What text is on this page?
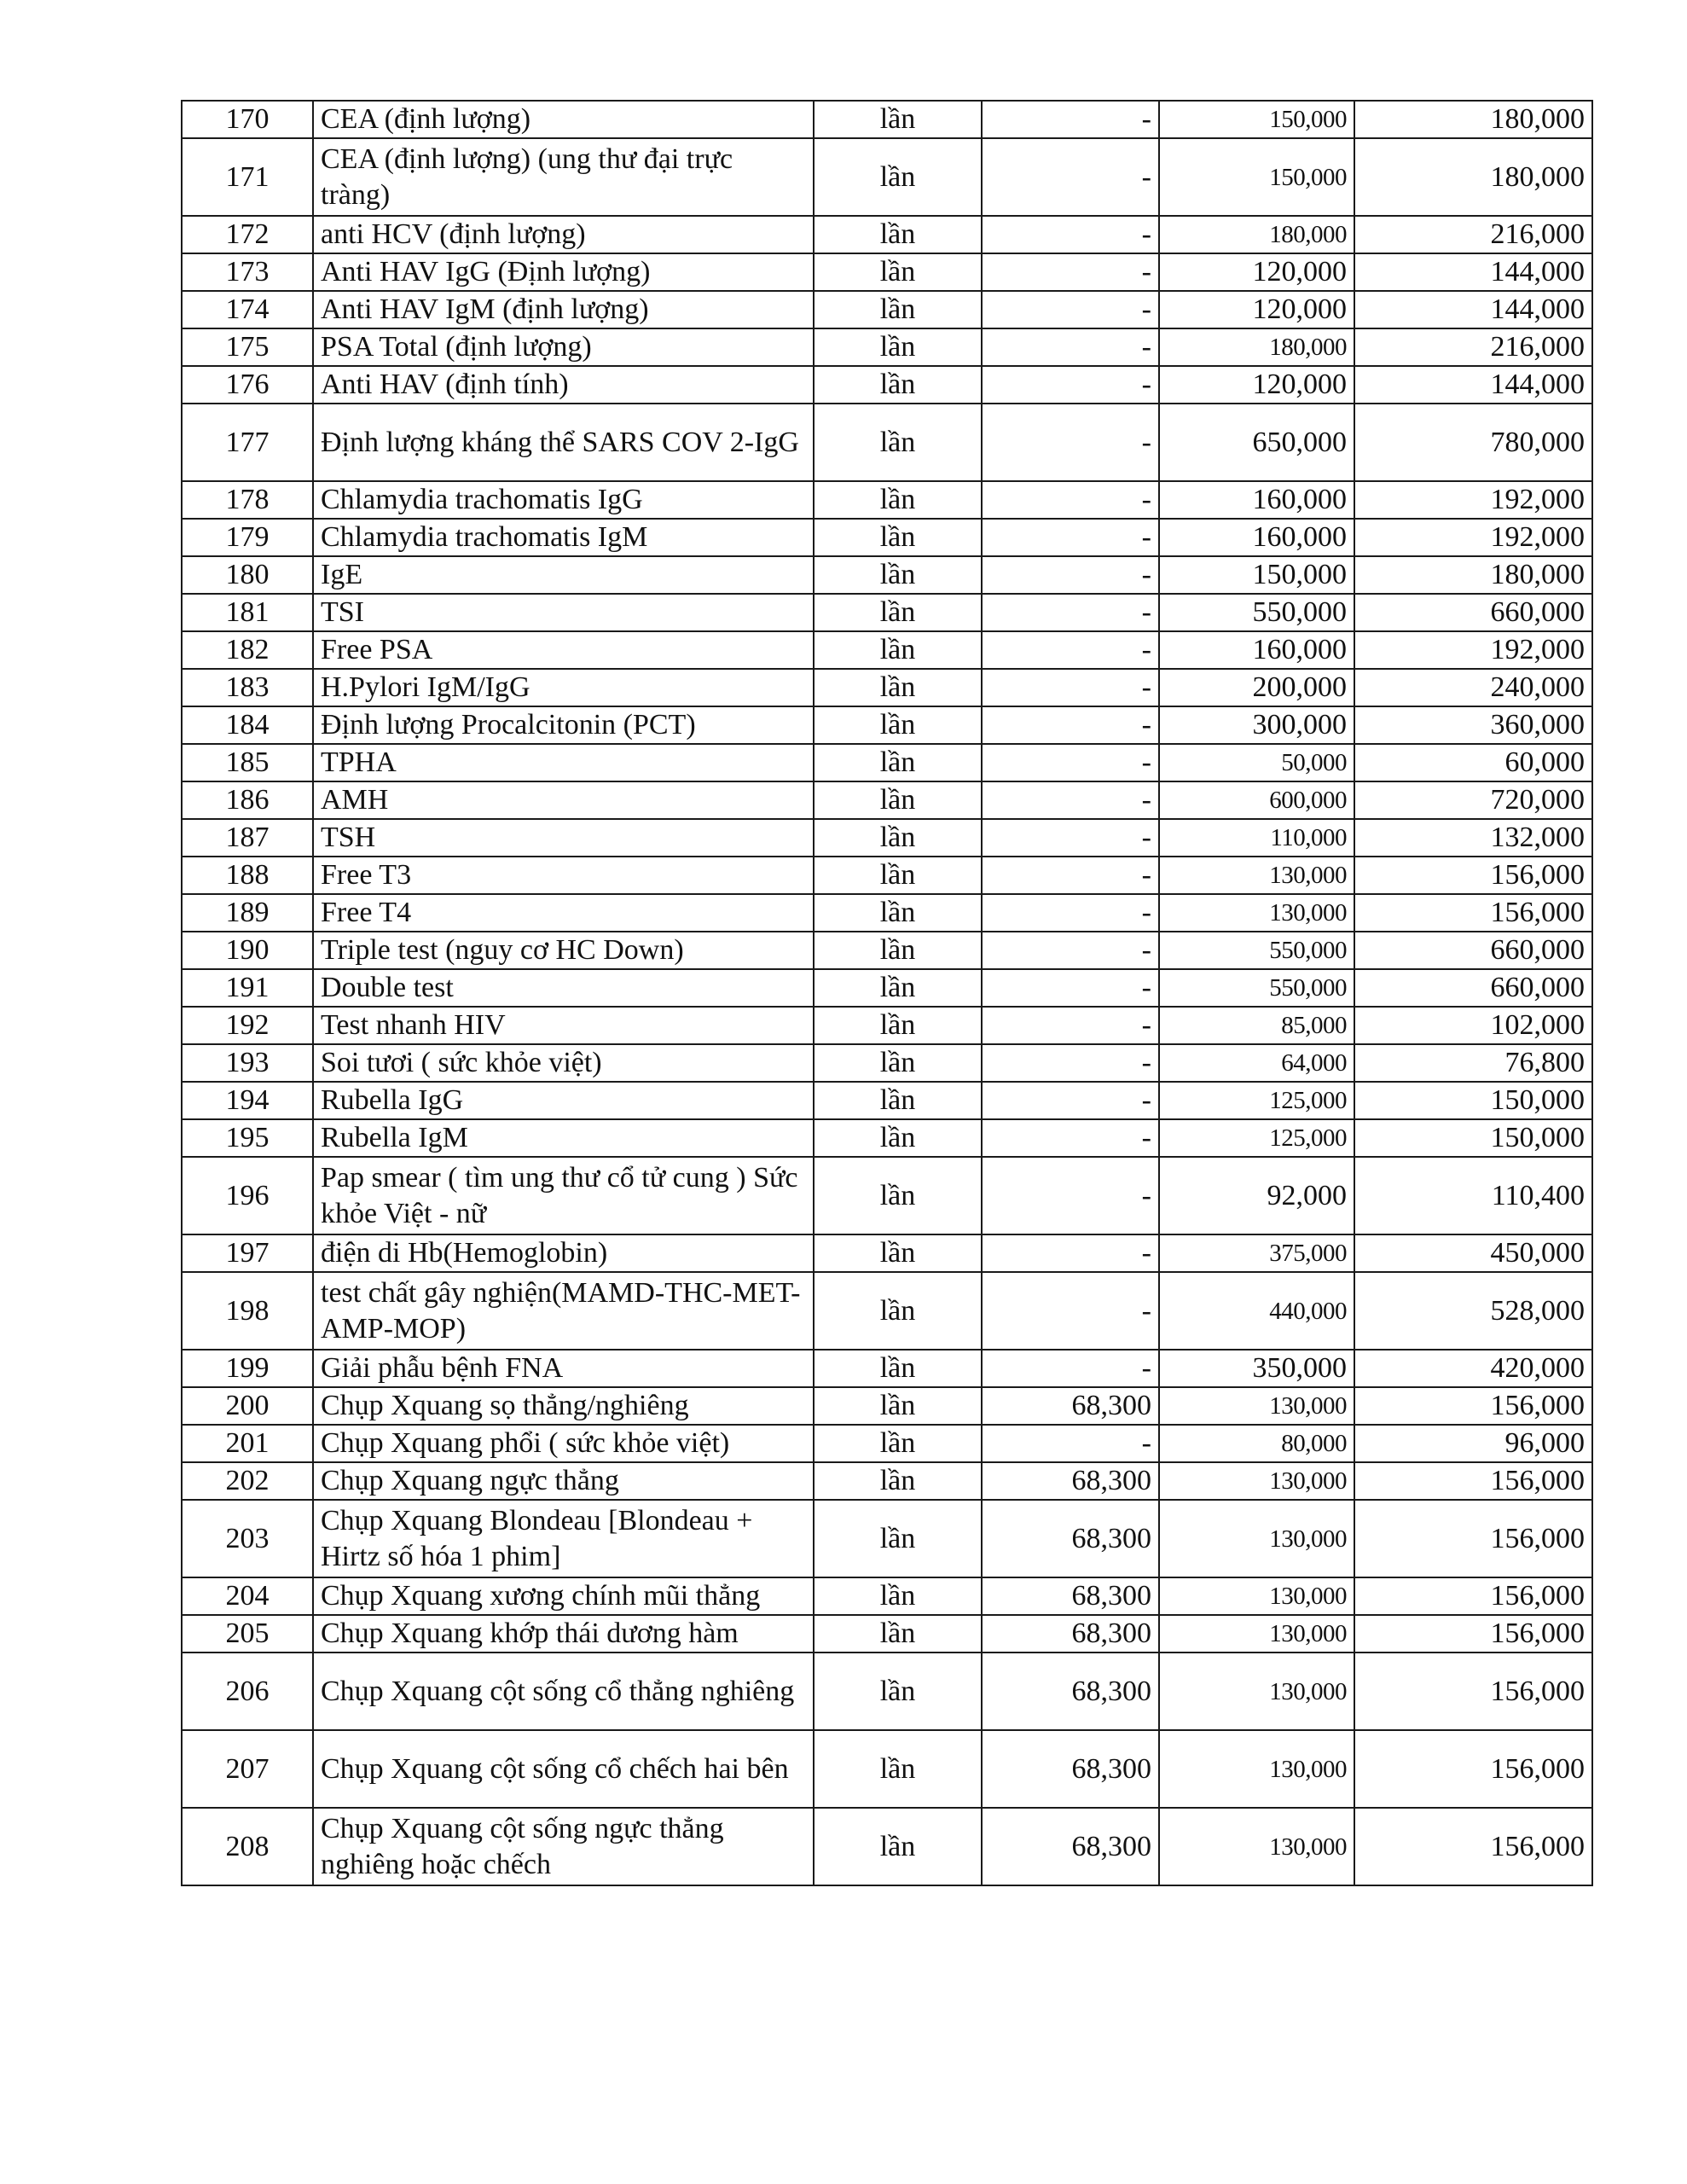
170	CEA (định lượng)	lần	-	150,000	180,000
171	CEA (định lượng) (ung thư đại trực tràng)	lần	-	150,000	180,000
172	anti HCV (định lượng)	lần	-	180,000	216,000
173	Anti HAV IgG (Định lượng)	lần	-	120,000	144,000
174	Anti HAV IgM (định lượng)	lần	-	120,000	144,000
175	PSA Total (định lượng)	lần	-	180,000	216,000
176	Anti HAV (định tính)	lần	-	120,000	144,000
177	Định lượng kháng thể SARS COV 2-IgG	lần	-	650,000	780,000
178	Chlamydia trachomatis IgG	lần	-	160,000	192,000
179	Chlamydia trachomatis IgM	lần	-	160,000	192,000
180	IgE	lần	-	150,000	180,000
181	TSI	lần	-	550,000	660,000
182	Free PSA	lần	-	160,000	192,000
183	H.Pylori IgM/IgG	lần	-	200,000	240,000
184	Định lượng Procalcitonin (PCT)	lần	-	300,000	360,000
185	TPHA	lần	-	50,000	60,000
186	AMH	lần	-	600,000	720,000
187	TSH	lần	-	110,000	132,000
188	Free T3	lần	-	130,000	156,000
189	Free T4	lần	-	130,000	156,000
190	Triple test (nguy cơ HC Down)	lần	-	550,000	660,000
191	Double test	lần	-	550,000	660,000
192	Test nhanh HIV	lần	-	85,000	102,000
193	Soi tươi ( sức khỏe việt)	lần	-	64,000	76,800
194	Rubella IgG	lần	-	125,000	150,000
195	Rubella IgM	lần	-	125,000	150,000
196	Pap smear ( tìm ung thư cổ tử cung ) Sức khỏe Việt - nữ	lần	-	92,000	110,400
197	điện di Hb(Hemoglobin)	lần	-	375,000	450,000
198	test chất gây nghiện(MAMD-THC-MET-AMP-MOP)	lần	-	440,000	528,000
199	Giải phẫu bệnh FNA	lần	-	350,000	420,000
200	Chụp Xquang sọ thẳng/nghiêng	lần	68,300	130,000	156,000
201	Chụp Xquang phổi ( sức khỏe việt)	lần	-	80,000	96,000
202	Chụp Xquang ngực thẳng	lần	68,300	130,000	156,000
203	Chụp Xquang Blondeau [Blondeau + Hirtz số hóa 1 phim]	lần	68,300	130,000	156,000
204	Chụp Xquang xương chính mũi thẳng	lần	68,300	130,000	156,000
205	Chụp Xquang khớp thái dương hàm	lần	68,300	130,000	156,000
206	Chụp Xquang cột sống cổ thẳng nghiêng	lần	68,300	130,000	156,000
207	Chụp Xquang cột sống cổ chếch hai bên	lần	68,300	130,000	156,000
208	Chụp Xquang cột sống ngực thẳng nghiêng hoặc chếch	lần	68,300	130,000	156,000
